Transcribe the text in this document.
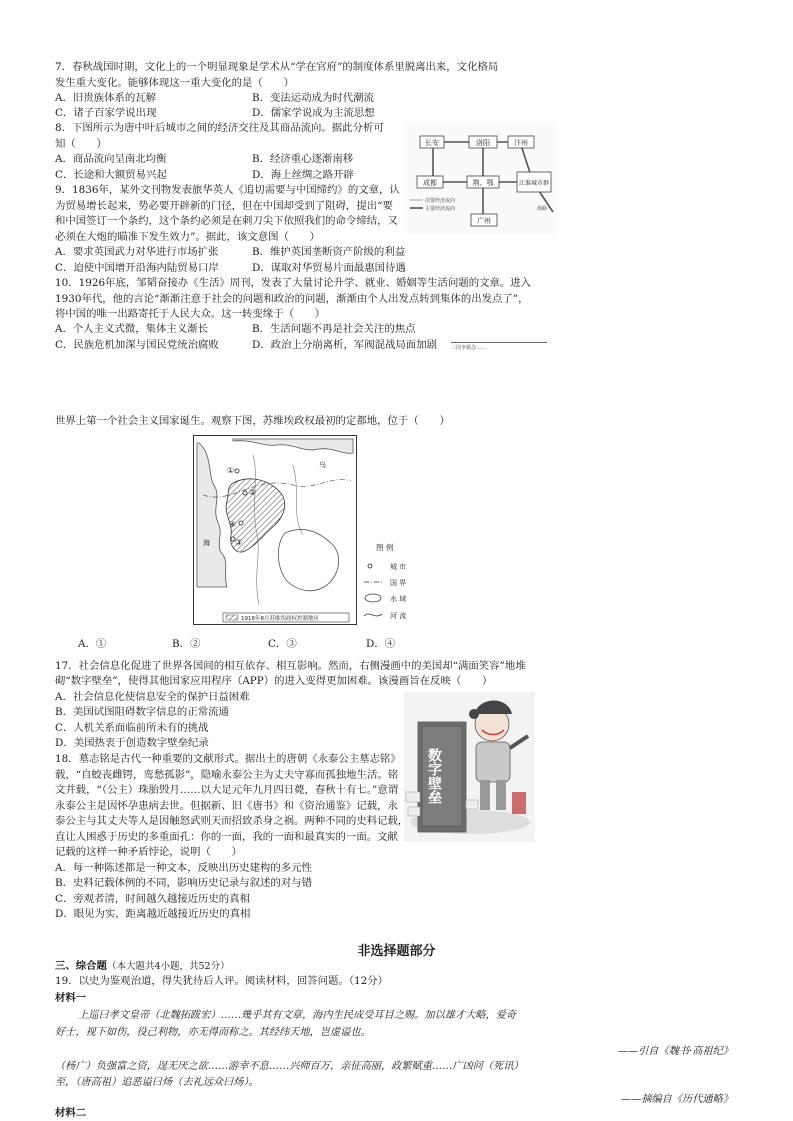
7．春秋战国时期，文化上的一个明显现象是学术从“学在官府”的制度体系里脱离出来，文化格局
发生重大变化。能够体现这一重大变化的是（　　）
A．旧贵族体系的瓦解	B．变法运动成为时代潮流
C．诸子百家学说出现	D．儒家学说成为主流思想
8．下图所示为唐中叶后城市之间的经济交往及其商品流向。据此分析可
知（　　）
A．商品流向呈南北均衡	B．经济重心逐渐南移
C．长途和大额贸易兴起	D．海上丝绸之路开辟
长安	洛阳	汴州
成都	荆、鄂	江淮城市群
广州
次要经济流向
主要经济流向	海路
9．1836年，某外文刊物发表旅华英人《追切需要与中国缔约》的文章，认
为贸易增长起来，势必要开辟新的门径，但在中国却受到了阻碍，提出“要
和中国签订一个条约，这个条约必须是在刺刀尖下依照我们的命令缔结，又
必须在大炮的瞄准下发生效力”。据此，该文意图（　　）
A．要求英国武力对华进行市场扩张	B．维护英国垄断资产阶级的利益
C．迫使中国增开沿海内陆贸易口岸	D．谋取对华贸易片面最惠国待遇
10．1926年底，邹韬奋接办《生活》周刊，发表了大量讨论升学、就业、婚姻等生活问题的文章。进入
1930年代，他的言论“渐渐注意于社会的问题和政治的问题，渐渐由个人出发点转到集体的出发点了”，
将中国的唯一出路寄托于人民大众。这一转变缘于（　　）
A．个人主义式微，集体主义渐长	B．生活问题不再是社会关注的焦点
C．民族危机加深与国民党统治腐败	D．政治上分崩离析，军阀混战局面加剧	三国争霸念……
世界上第一个社会主义国家诞生。观察下图，苏维埃政权最初的定都地，位于（　　）
①
②
④
③
乌
海
1918年8月苏维埃政权控制地区
图 例
城 市
国 界
水 域
河 流
A．①	B．②	C．③	D．④
17．社会信息化促进了世界各国间的相互依存、相互影响。然而，右侧漫画中的美国却“满面笑容”地堆
砌“数字壁垒”，使得其他国家应用程序（APP）的进入变得更加困难。该漫画旨在反映（　　）
A．社会信息化使信息安全的保护日益困难
B．美国试图阻碍数字信息的正常流通
C．人机关系面临前所未有的挑战
D．美国热衷于创造数字壁垒纪录
数字壁垒
18．墓志铭是古代一种重要的文献形式。据出土的唐朝《永泰公主墓志铭》
载，“自蛟丧雌锷，鸾愁孤影”，隐喻永泰公主为丈夫守寡而孤独地生活。铭
文并载，“（公主）珠胎毁月……以大足元年九月四日薨，春秋十有七。”意谓
永泰公主是因怀孕患病去世。但据新、旧《唐书》和《资治通鉴》记载，永
泰公主与其丈夫等人是因触怒武则天而招致杀身之祸。两种不同的史料记载，
直让人困惑于历史的多重面孔：你的一面，我的一面和最真实的一面。文献
记载的这样一种矛盾悖论，说明（　　）
A．每一种陈述都是一种文本，反映出历史建构的多元性
B．史料记载体例的不同，影响历史记录与叙述的对与错
C．旁观者清，时间越久越接近历史的真相
D．眼见为实，距离越近越接近历史的真相
非选择题部分
三、综合题（本大题共4小题，共52分）
19．以史为鉴观治道，得失犹待后人评。阅读材料，回答问题。（12分）
材料一
上巡曰孝文皇帝（北魏拓跋宏）……幾乎其有文章，海内生民成受耳目之赐。加以雄才大略，爱奇
好士，视下如伤，役己利物，亦无得而称之。其经纬天地，岂虚谥也。
——引自《魏书·高祖纪》
（杨广）负强富之资，逞无厌之欲……游幸不息……兴师百万，亲征高丽，政繁赋重……广凶问（死讯）
至，（唐高祖）追恶谥曰炀（去礼远众曰炀）。
——摘编自《历代通略》
材料二
